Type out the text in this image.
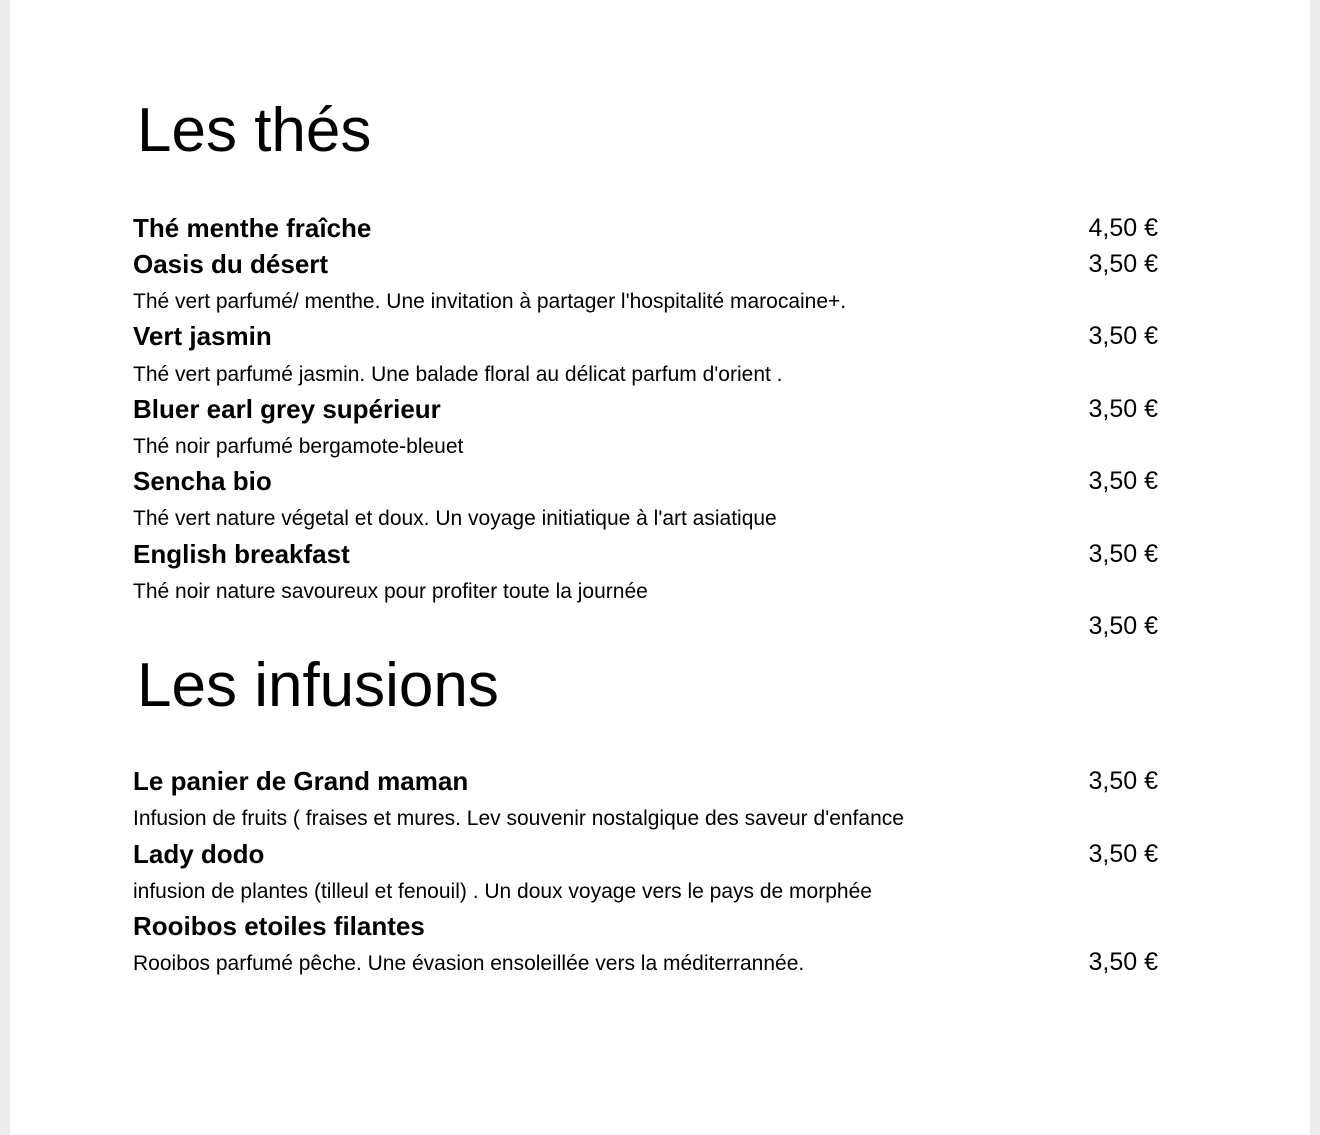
Les thés
Thé menthe fraîche	4,50 €
Oasis du désert	3,50 €
Thé vert parfumé/ menthe. Une invitation à partager l'hospitalité marocaine+.
Vert jasmin	3,50 €
Thé vert parfumé jasmin. Une balade floral au délicat parfum d'orient .
Bluer earl grey supérieur	3,50 €
Thé noir parfumé bergamote-bleuet
Sencha bio	3,50 €
Thé vert nature végetal et doux. Un voyage initiatique à l'art asiatique
English breakfast	3,50 €
Thé noir nature savoureux pour profiter toute la journée
3,50 €
Les infusions
Le panier de Grand maman	3,50 €
Infusion de fruits ( fraises et mures. Lev souvenir nostalgique des saveur d'enfance
Lady dodo	3,50 €
infusion de plantes (tilleul et fenouil) . Un doux voyage vers le pays de morphée
Rooibos etoiles filantes
Rooibos parfumé pêche. Une évasion ensoleillée vers la méditerrannée.	3,50 €
